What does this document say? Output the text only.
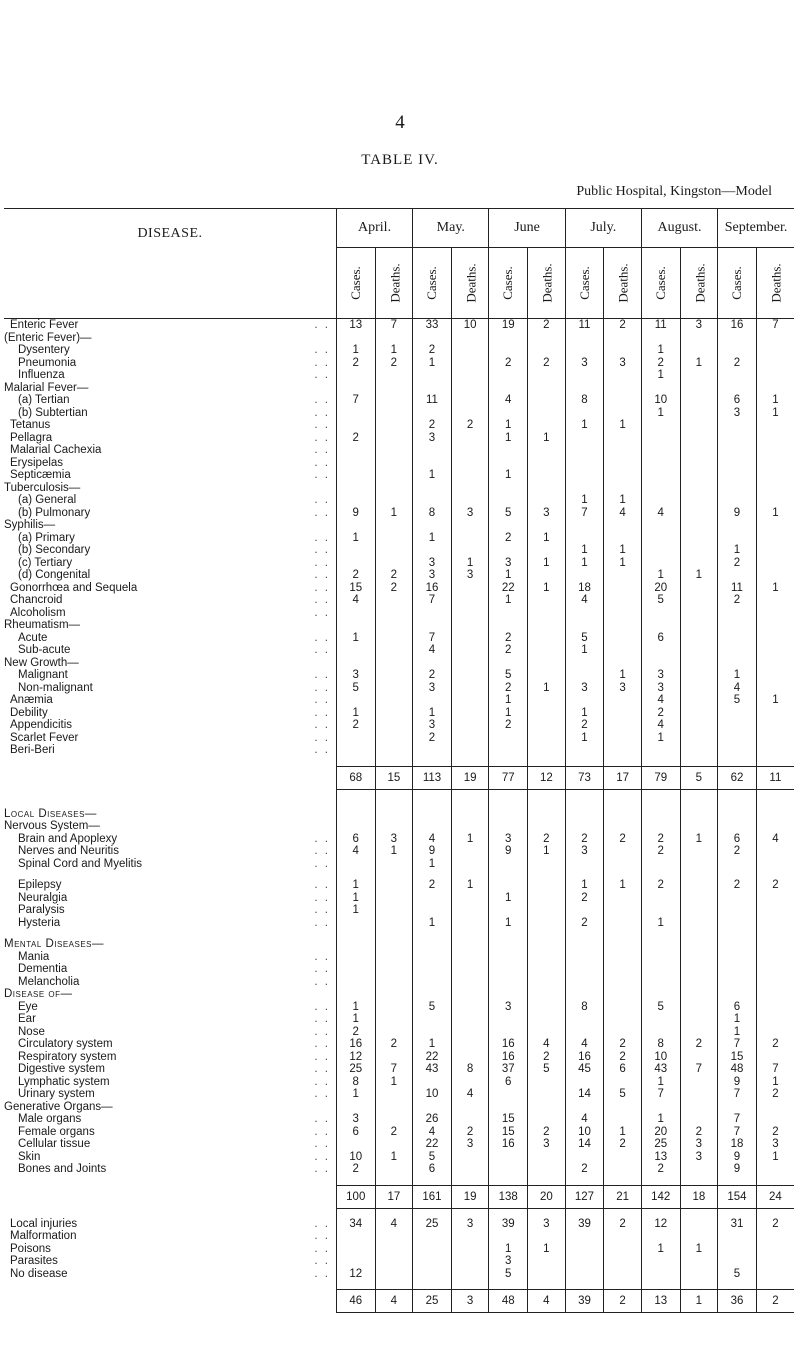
4
TABLE IV.
Public Hospital, Kingston—Model
DISEASE.	April.		May.		June		July.		August.		September.	
	Cases.	Deaths.	Cases.	Deaths.	Cases.	Deaths.	Cases.	Deaths.	Cases.	Deaths.	Cases.	Deaths.
Enteric Fever . .	13	7	33	10	19	2	11	2	11	3	16	7
(Enteric Fever)—												
Dysentery . .	1	1	2						1			
Pneumonia . .	2	2	1		2	2	3	3	2	1	2	
Influenza . .									1			
Malarial Fever—												
(a) Tertian . .	7		11		4		8		10		6	1
(b) Subtertian . .									1		3	1
Tetanus . .			2	2	1		1	1				
Pellagra . .	2		3		1	1						
Malarial Cachexia . .												

Erysipelas . .												

Septicæmia . .			1		1							
Tuberculosis—												
(a) General . .							1	1				
(b) Pulmonary . .	9	1	8	3	5	3	7	4	4		9	1
Syphilis—												
(a) Primary . .	1		1		2	1						
(b) Secondary . .							1	1			1	
(c) Tertiary . .			3	1	3	1	1	1			2	
(d) Congenital . .	2	2	3	3	1				1	1		
Gonorrhœa and Sequela . .	15	2	16		22	1	18		20		11	1
Chancroid . .	4		7		1		4		5		2	
Alcoholism . .												

Rheumatism—												
Acute . .	1		7		2		5		6			
Sub-acute . .			4		2		1					
New Growth—												
Malignant . .	3		2		5			1	3		1	
Non-malignant . .	5		3		2	1	3	3	3		4	
Anæmia . .					1				4		5	1
Debility . .	1		1		1		1		2			
Appendicitis . .	2		3		2		2		4			
Scarlet Fever . .			2				1		1			
Beri-Beri . .												

	68	15	113	19	77	12	73	17	79	5	62	11

Local Diseases—												
Nervous System—												
Brain and Apoplexy . .	6	3	4	1	3	2	2	2	2	1	6	4
Nerves and Neuritis . .	4	1	9		9	1	3		2		2	
Spinal Cord and Myelitis . .			1									

Epilepsy . .	1		2	1			1	1	2		2	2
Neuralgia . .	1				1		2					
Paralysis . .	1											
Hysteria . .			1		1		2		1			

Mental Diseases—												
Mania . .												

Dementia . .												

Melancholia . .												

Disease of—												
Eye . .	1		5		3		8		5		6	
Ear . .	1										1	
Nose . .	2										1	
Circulatory system . .	16	2	1		16	4	4	2	8	2	7	2
Respiratory system . .	12		22		16	2	16	2	10		15	
Digestive system . .	25	7	43	8	37	5	45	6	43	7	48	7
Lymphatic system . .	8	1			6				1		9	1
Urinary system . .	1		10	4			14	5	7		7	2
Generative Organs—												
Male organs . .	3		26		15		4		1		7	
Female organs . .	6	2	4	2	15	2	10	1	20	2	7	2
Cellular tissue . .			22	3	16	3	14	2	25	3	18	3
Skin . .	10	1	5						13	3	9	1
Bones and Joints . .	2		6				2		2		9	

	100	17	161	19	138	20	127	21	142	18	154	24

Local injuries . .	34	4	25	3	39	3	39	2	12		31	2
Malformation . .												

Poisons . .					1	1			1	1		
Parasites . .					3							
No disease . .	12				5						5	

	46	4	25	3	48	4	39	2	13	1	36	2
